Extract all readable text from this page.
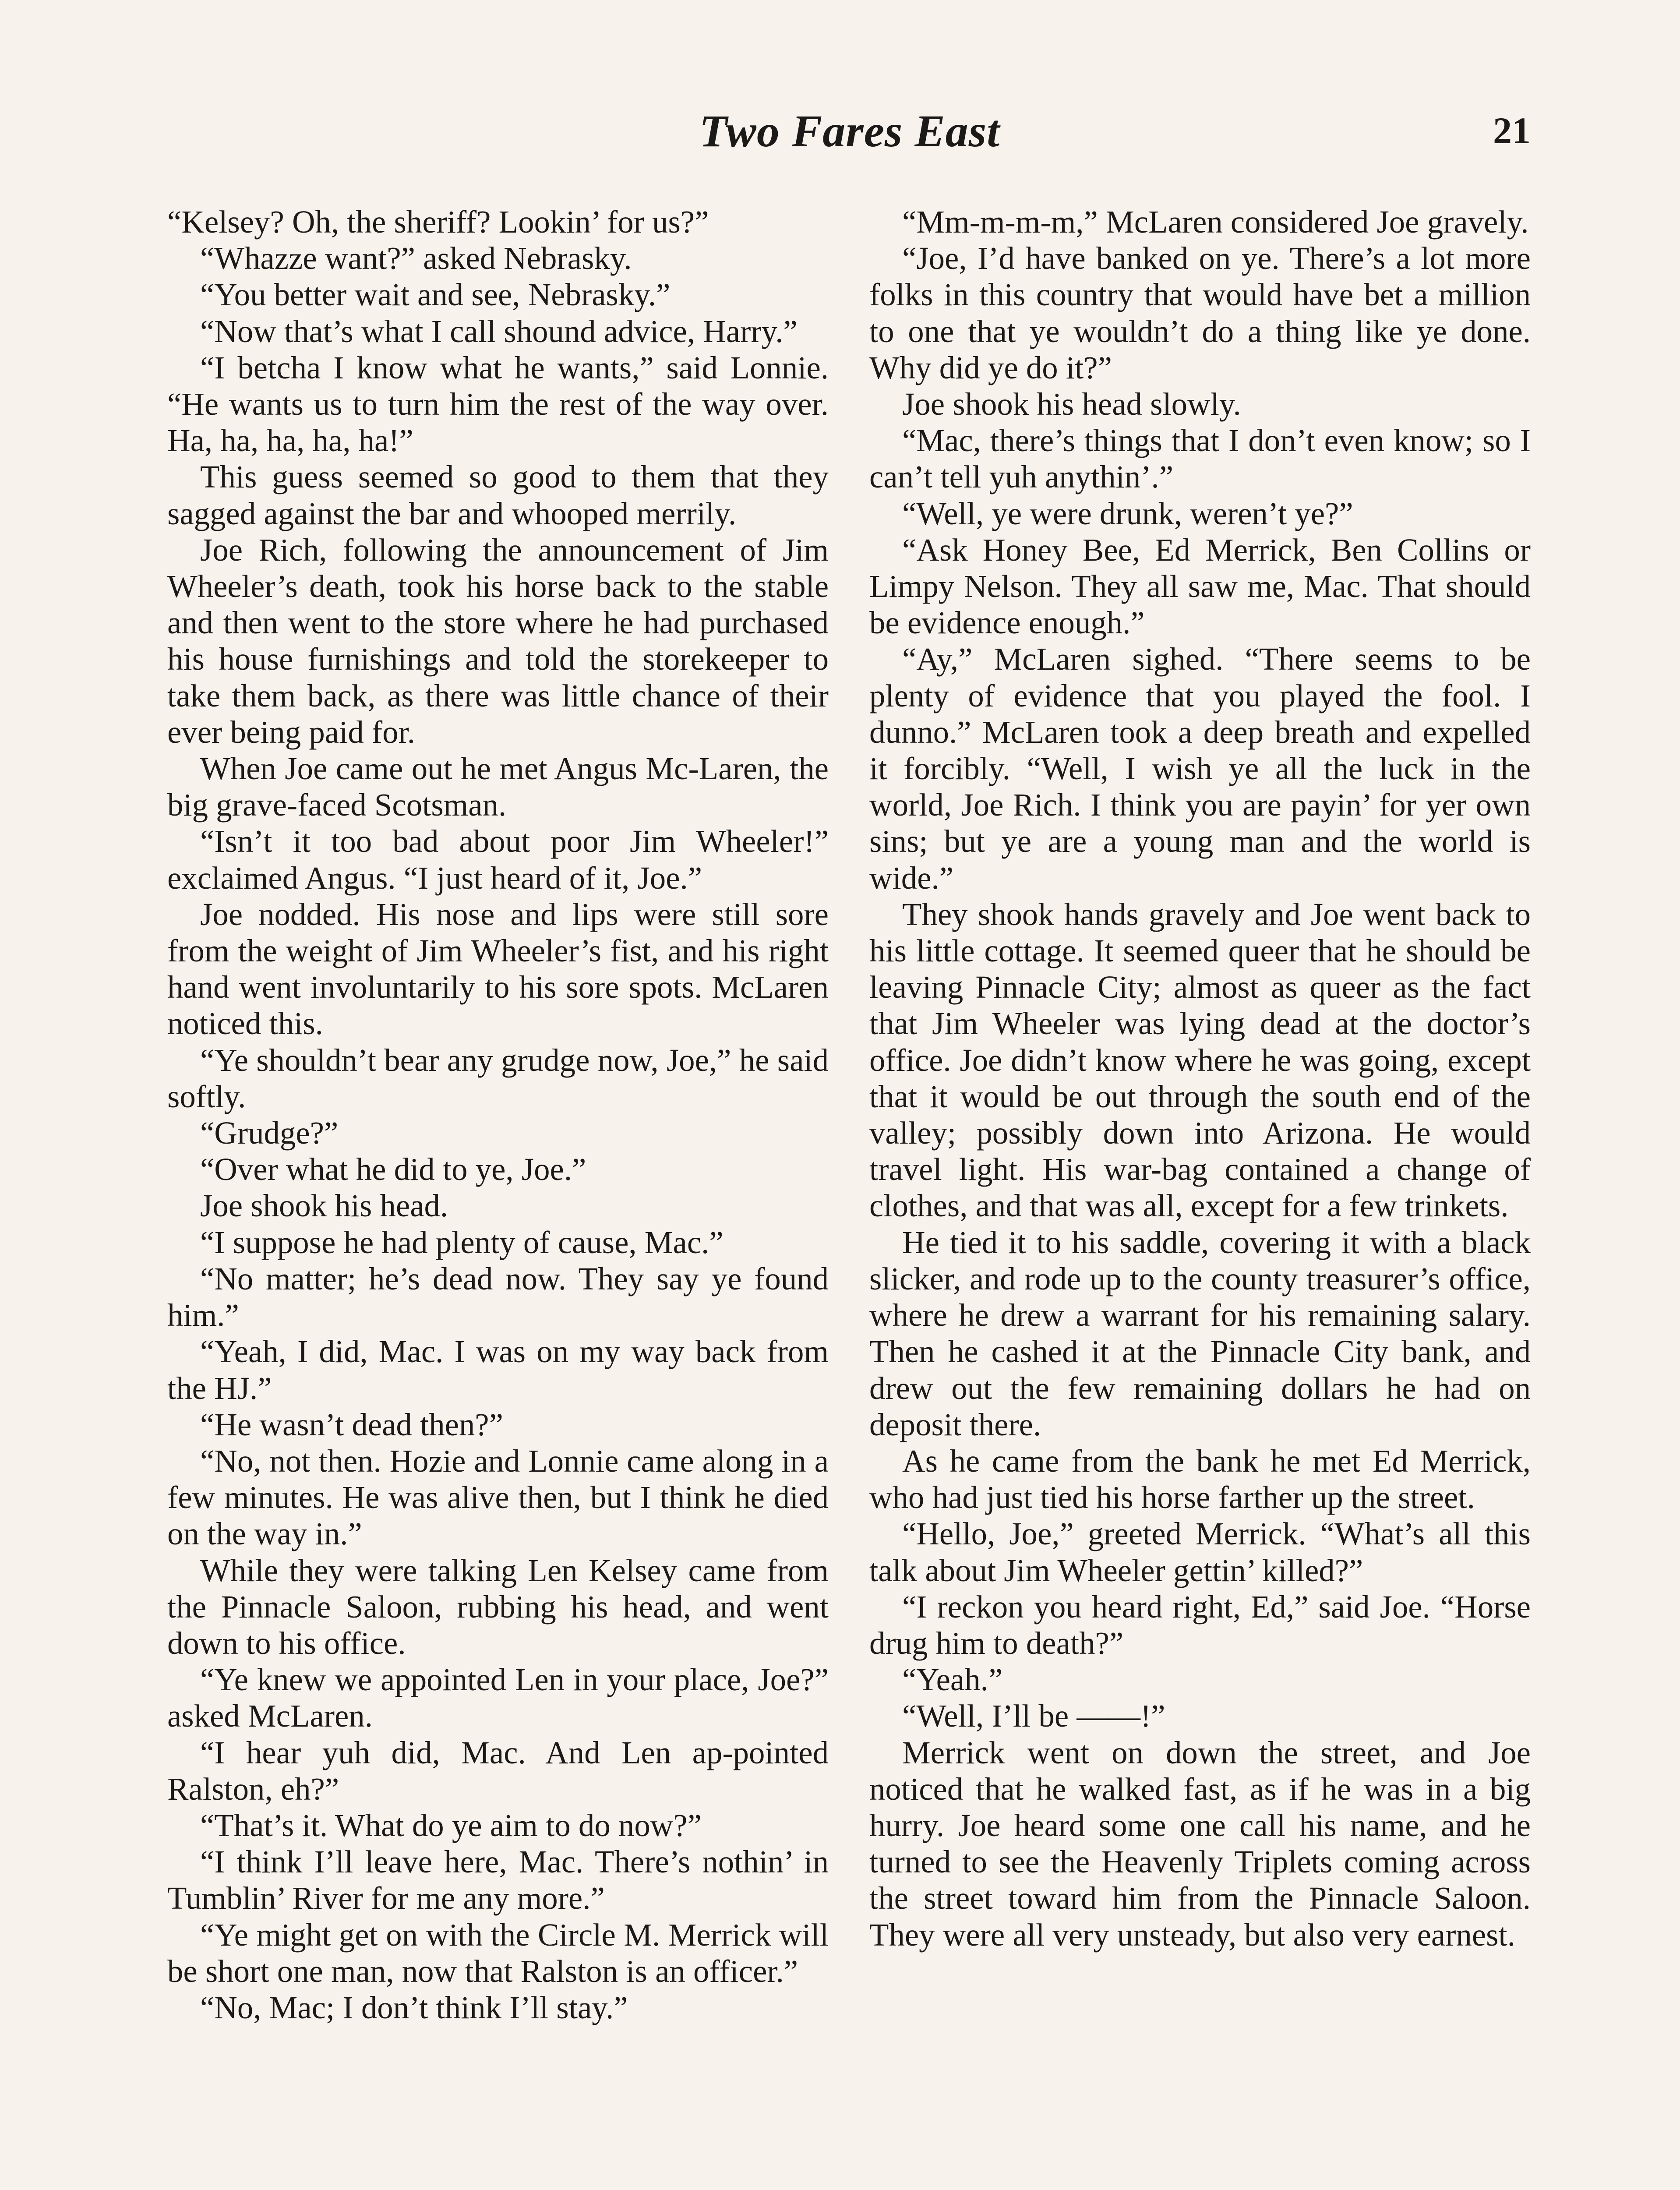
Two Fares East	21

“Kelsey? Oh, the sheriff? Lookin’ for us?”

“Whazze want?” asked Nebrasky.

“You better wait and see, Nebrasky.”

“Now that’s what I call shound advice, Harry.”

“I betcha I know what he wants,” said Lonnie. “He wants us to turn him the rest of the way over. Ha, ha, ha, ha, ha!”

This guess seemed so good to them that they sagged against the bar and whooped merrily.

Joe Rich, following the announcement of Jim Wheeler’s death, took his horse back to the stable and then went to the store where he had purchased his house furnishings and told the storekeeper to take them back, as there was little chance of their ever being paid for.

When Joe came out he met Angus Mc-Laren, the big grave-faced Scotsman.

“Isn’t it too bad about poor Jim Wheeler!” exclaimed Angus. “I just heard of it, Joe.”

Joe nodded. His nose and lips were still sore from the weight of Jim Wheeler’s fist, and his right hand went involuntarily to his sore spots. McLaren noticed this.

“Ye shouldn’t bear any grudge now, Joe,” he said softly.

“Grudge?”

“Over what he did to ye, Joe.”

Joe shook his head.

“I suppose he had plenty of cause, Mac.”

“No matter; he’s dead now. They say ye found him.”

“Yeah, I did, Mac. I was on my way back from the HJ.”

“He wasn’t dead then?”

“No, not then. Hozie and Lonnie came along in a few minutes. He was alive then, but I think he died on the way in.”

While they were talking Len Kelsey came from the Pinnacle Saloon, rubbing his head, and went down to his office.

“Ye knew we appointed Len in your place, Joe?” asked McLaren.

“I hear yuh did, Mac. And Len ap-pointed Ralston, eh?”

“That’s it. What do ye aim to do now?”

“I think I’ll leave here, Mac. There’s nothin’ in Tumblin’ River for me any more.”

“Ye might get on with the Circle M. Merrick will be short one man, now that Ralston is an officer.”

“No, Mac; I don’t think I’ll stay.”

“Mm-m-m-m,” McLaren considered Joe gravely.

“Joe, I’d have banked on ye. There’s a lot more folks in this country that would have bet a million to one that ye wouldn’t do a thing like ye done. Why did ye do it?”

Joe shook his head slowly.

“Mac, there’s things that I don’t even know; so I can’t tell yuh anythin’.”

“Well, ye were drunk, weren’t ye?”

“Ask Honey Bee, Ed Merrick, Ben Collins or Limpy Nelson. They all saw me, Mac. That should be evidence enough.”

“Ay,” McLaren sighed. “There seems to be plenty of evidence that you played the fool. I dunno.” McLaren took a deep breath and expelled it forcibly. “Well, I wish ye all the luck in the world, Joe Rich. I think you are payin’ for yer own sins; but ye are a young man and the world is wide.”

They shook hands gravely and Joe went back to his little cottage. It seemed queer that he should be leaving Pinnacle City; almost as queer as the fact that Jim Wheeler was lying dead at the doctor’s office. Joe didn’t know where he was going, except that it would be out through the south end of the valley; possibly down into Arizona. He would travel light. His war-bag contained a change of clothes, and that was all, except for a few trinkets.

He tied it to his saddle, covering it with a black slicker, and rode up to the county treasurer’s office, where he drew a warrant for his remaining salary. Then he cashed it at the Pinnacle City bank, and drew out the few remaining dollars he had on deposit there.

As he came from the bank he met Ed Merrick, who had just tied his horse farther up the street.

“Hello, Joe,” greeted Merrick. “What’s all this talk about Jim Wheeler gettin’ killed?”

“I reckon you heard right, Ed,” said Joe. “Horse drug him to death?”

“Yeah.”

“Well, I’ll be ——!”

Merrick went on down the street, and Joe noticed that he walked fast, as if he was in a big hurry. Joe heard some one call his name, and he turned to see the Heavenly Triplets coming across the street toward him from the Pinnacle Saloon. They were all very unsteady, but also very earnest.
